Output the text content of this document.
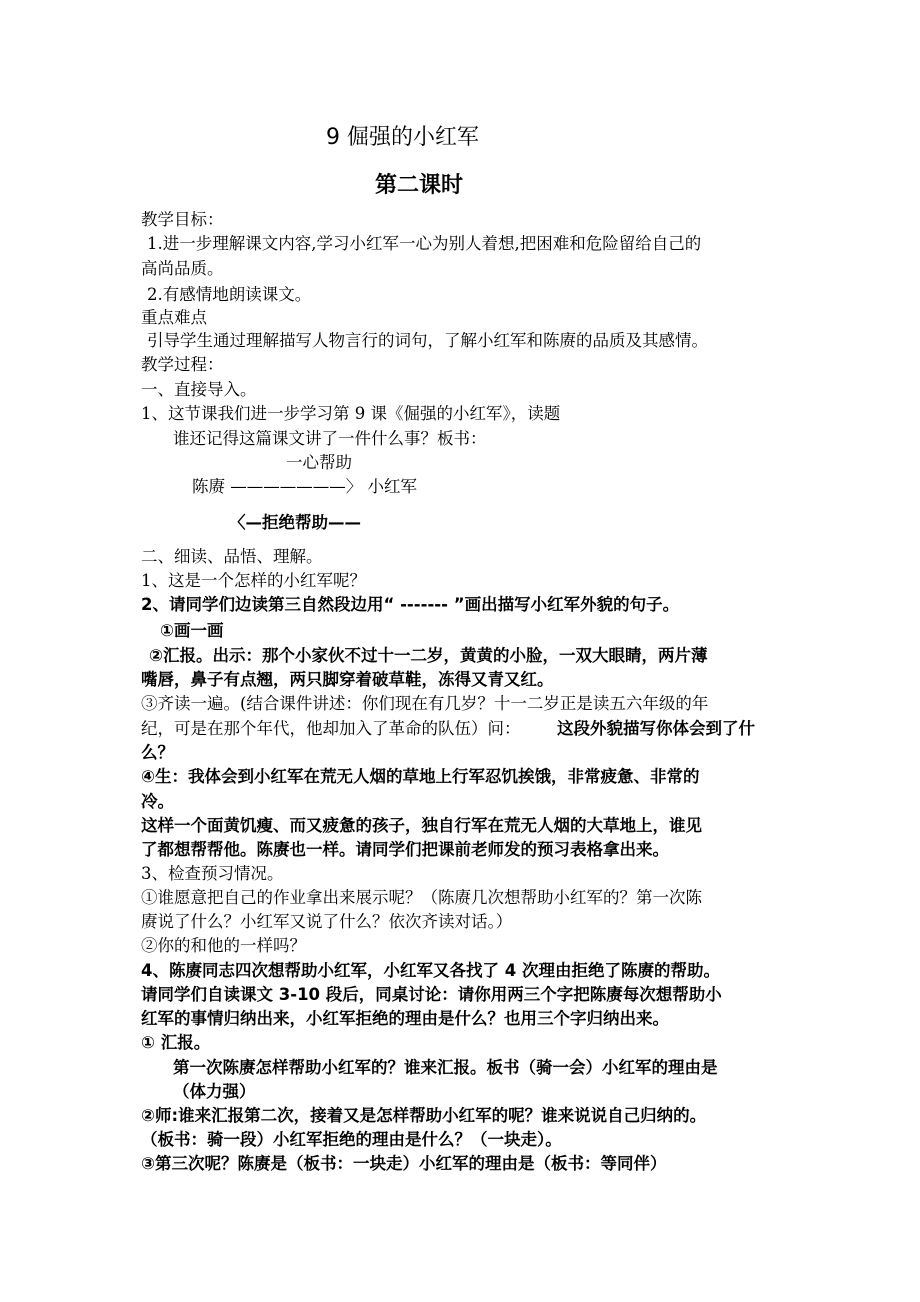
9 倔强的小红军
第二课时
教学目标：
1.进一步理解课文内容,学习小红军一心为别人着想,把困难和危险留给自己的
高尚品质。
2.有感情地朗读课文。
重点难点
引导学生通过理解描写人物言行的词句，了解小红军和陈赓的品质及其感情。
教学过程：
一、直接导入。
1、这节课我们进一步学习第 9 课《倔强的小红军》，读题
谁还记得这篇课文讲了一件什么事？板书：
一心帮助
陈赓 ———————〉 小红军
〈—拒绝帮助——
二、细读、品悟、理解。
1、这是一个怎样的小红军呢？
2、请同学们边读第三自然段边用“ ------- ”画出描写小红军外貌的句子。
①画一画
②汇报。出示：那个小家伙不过十一二岁，黄黄的小脸，一双大眼睛，两片薄
嘴唇，鼻子有点翘，两只脚穿着破草鞋，冻得又青又红。
③齐读一遍。(结合课件讲述：你们现在有几岁？十一二岁正是读五六年级的年
纪，可是在那个年代，他却加入了革命的队伍）问： 这段外貌描写你体会到了什
么？
④生：我体会到小红军在荒无人烟的草地上行军忍饥挨饿，非常疲惫、非常的
冷。
这样一个面黄饥瘦、而又疲惫的孩子，独自行军在荒无人烟的大草地上，谁见
了都想帮帮他。陈赓也一样。请同学们把课前老师发的预习表格拿出来。
3、检查预习情况。
①谁愿意把自己的作业拿出来展示呢？（陈赓几次想帮助小红军的？第一次陈
赓说了什么？小红军又说了什么？依次齐读对话。）
②你的和他的一样吗？
4、陈赓同志四次想帮助小红军，小红军又各找了 4 次理由拒绝了陈赓的帮助。
请同学们自读课文 3-10 段后，同桌讨论：请你用两三个字把陈赓每次想帮助小
红军的事情归纳出来，小红军拒绝的理由是什么？也用三个字归纳出来。
① 汇报。
第一次陈赓怎样帮助小红军的？谁来汇报。板书（骑一会）小红军的理由是
（体力强）
②师:谁来汇报第二次，接着又是怎样帮助小红军的呢？谁来说说自己归纳的。
（板书：骑一段）小红军拒绝的理由是什么？（一块走）。
③第三次呢？陈赓是（板书：一块走）小红军的理由是（板书：等同伴）
